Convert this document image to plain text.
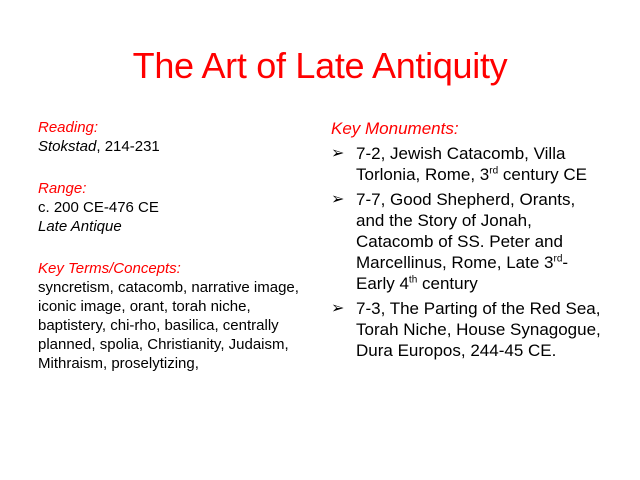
The Art of Late Antiquity

Reading:

Stokstad, 214-231

Range:

c. 200 CE-476 CE

Late Antique

Key Terms/Concepts:

syncretism, catacomb, narrative image, iconic image, orant, torah niche, baptistery, chi-rho, basilica, centrally planned, spolia, Christianity, Judaism, Mithraism, proselytizing,

Key Monuments:

➢ 7-2, Jewish Catacomb, Villa Torlonia, Rome, 3rd century CE
➢ 7-7, Good Shepherd, Orants, and the Story of Jonah, Catacomb of SS. Peter and Marcellinus, Rome, Late 3rd-Early 4th century
➢ 7-3, The Parting of the Red Sea, Torah Niche, House Synagogue, Dura Europos, 244-45 CE.
